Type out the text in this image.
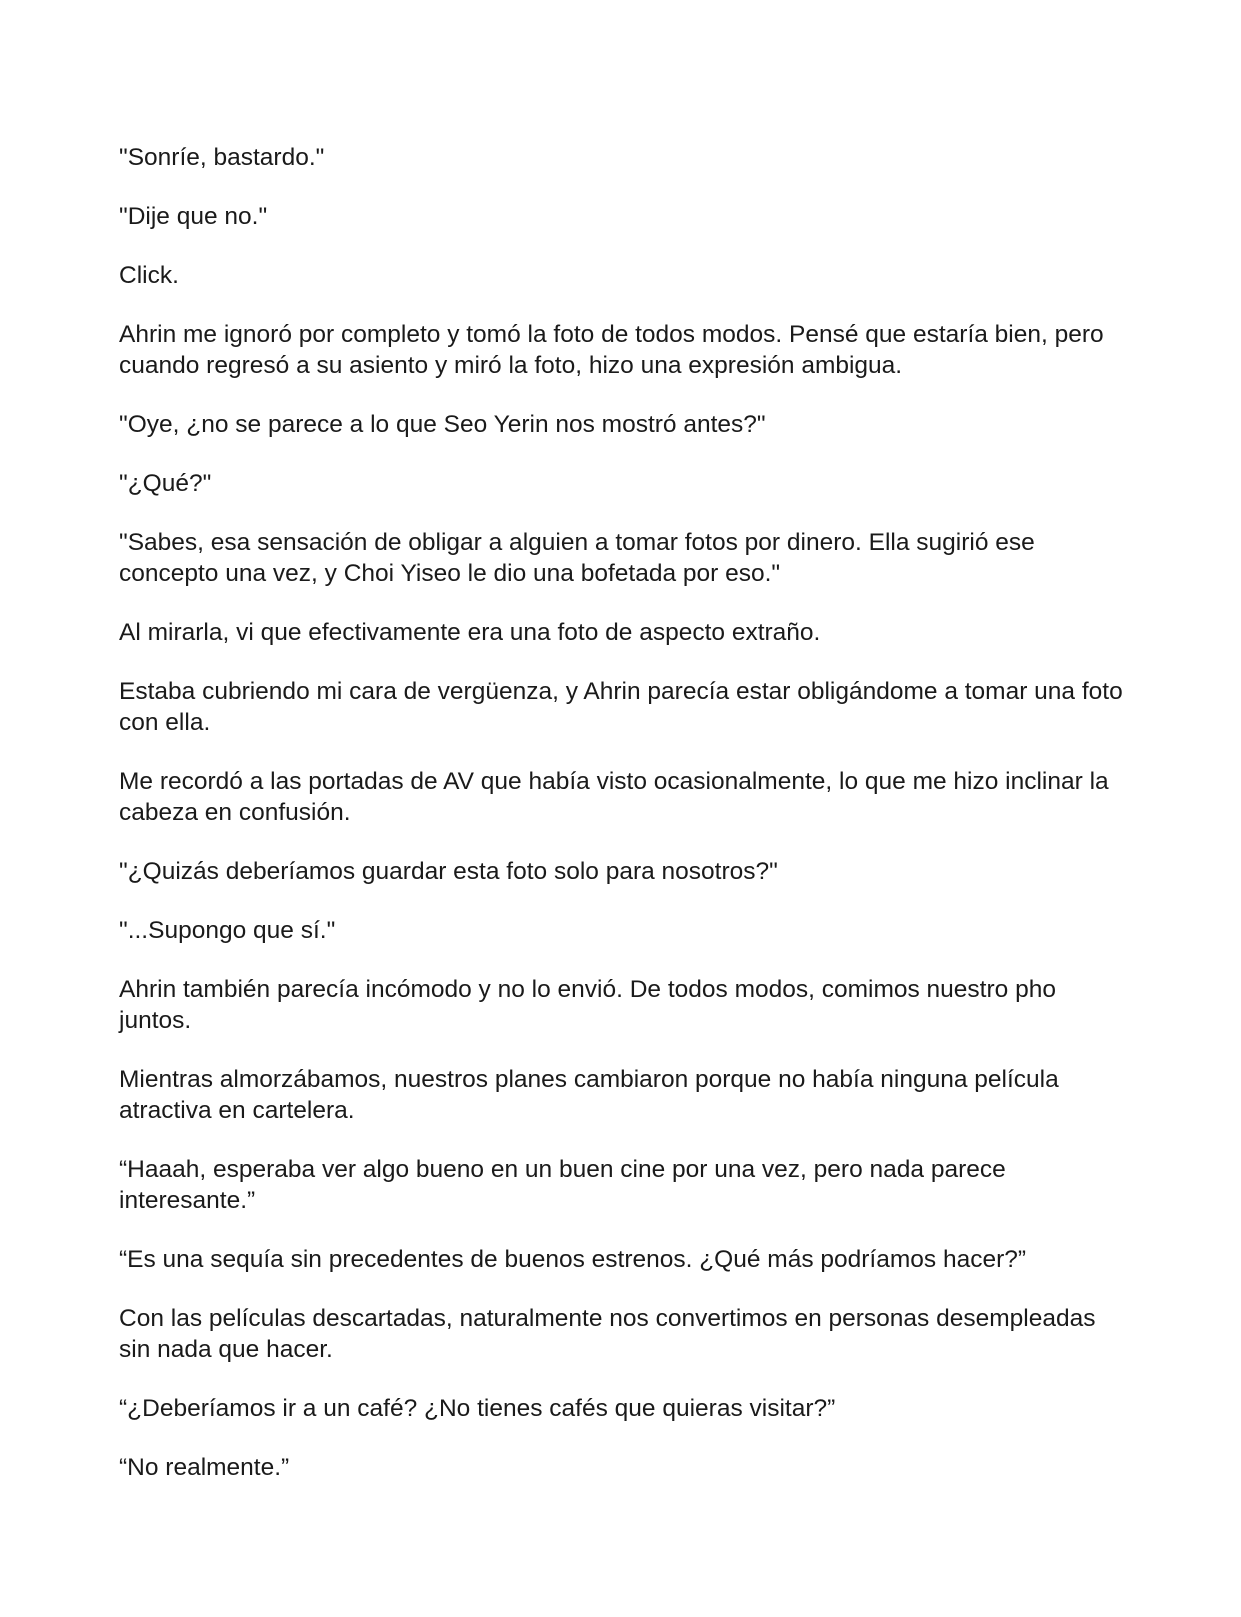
"Sonríe, bastardo."

"Dije que no."

Click.

Ahrin me ignoró por completo y tomó la foto de todos modos. Pensé que estaría bien, pero cuando regresó a su asiento y miró la foto, hizo una expresión ambigua.

"Oye, ¿no se parece a lo que Seo Yerin nos mostró antes?"

"¿Qué?"

"Sabes, esa sensación de obligar a alguien a tomar fotos por dinero. Ella sugirió ese concepto una vez, y Choi Yiseo le dio una bofetada por eso."

Al mirarla, vi que efectivamente era una foto de aspecto extraño.

Estaba cubriendo mi cara de vergüenza, y Ahrin parecía estar obligándome a tomar una foto con ella.

Me recordó a las portadas de AV que había visto ocasionalmente, lo que me hizo inclinar la cabeza en confusión.

"¿Quizás deberíamos guardar esta foto solo para nosotros?"

"...Supongo que sí."

Ahrin también parecía incómodo y no lo envió. De todos modos, comimos nuestro pho juntos.

Mientras almorzábamos, nuestros planes cambiaron porque no había ninguna película atractiva en cartelera.

“Haaah, esperaba ver algo bueno en un buen cine por una vez, pero nada parece interesante.”

“Es una sequía sin precedentes de buenos estrenos. ¿Qué más podríamos hacer?”

Con las películas descartadas, naturalmente nos convertimos en personas desempleadas sin nada que hacer.

“¿Deberíamos ir a un café? ¿No tienes cafés que quieras visitar?”

“No realmente.”
